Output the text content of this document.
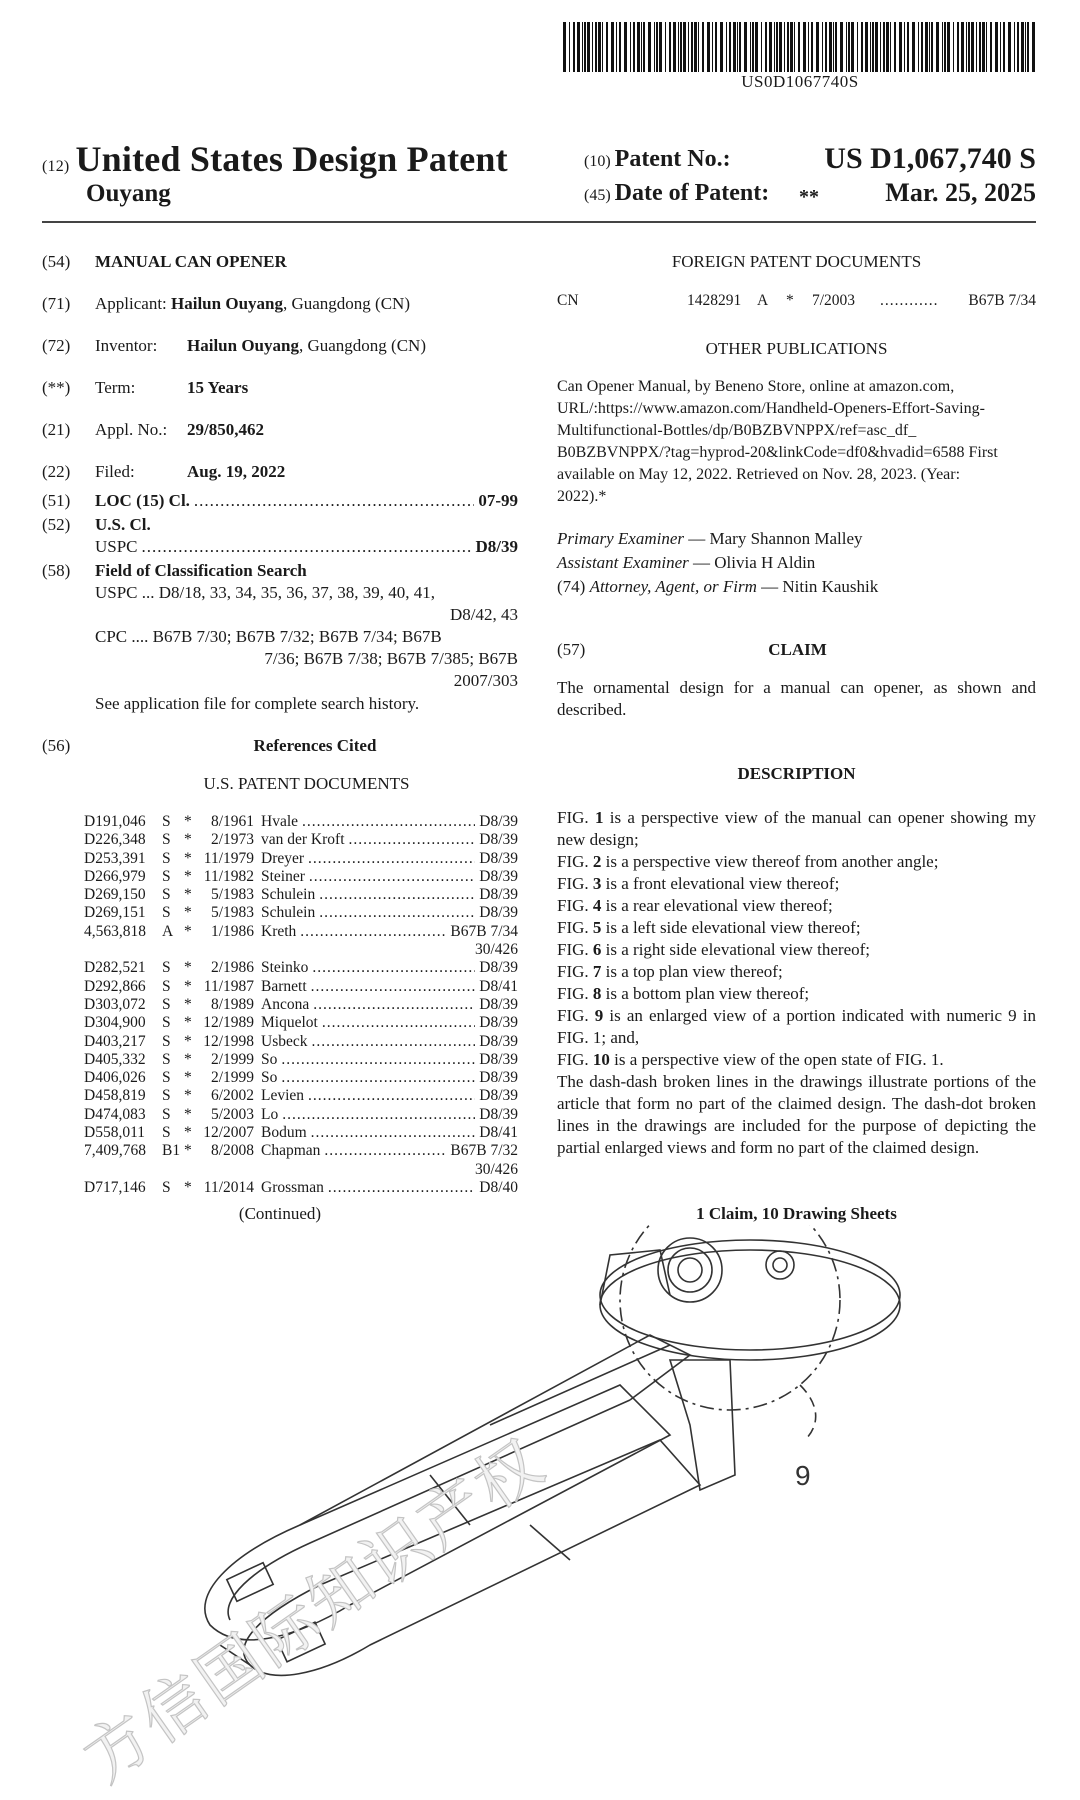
US0D1067740S
(12) United States Design Patent
Ouyang
(10) Patent No.:	US D1,067,740 S
(45) Date of Patent: **	Mar. 25, 2025
(54) MANUAL CAN OPENER
(71) Applicant: Hailun Ouyang, Guangdong (CN)
(72) Inventor: Hailun Ouyang, Guangdong (CN)
(**) Term:	15 Years
(21) Appl. No.: 29/850,462
(22) Filed:	Aug. 19, 2022
(51) LOC (15) Cl. .....	07-99
(52) U.S. Cl.
USPC .....	D8/39
(58) Field of Classification Search
USPC ... D8/18, 33, 34, 35, 36, 37, 38, 39, 40, 41,
D8/42, 43
CPC .... B67B 7/30; B67B 7/32; B67B 7/34; B67B
7/36; B67B 7/38; B67B 7/385; B67B
2007/303
See application file for complete search history.
(56)	References Cited
U.S. PATENT DOCUMENTS
D191,046	S *	8/1961 Hvale .....	D8/39
D226,348	S *	2/1973 van der Kroft .....	D8/39
D253,391	S * 11/1979 Dreyer .....	D8/39
D266,979	S * 11/1982 Steiner .....	D8/39
D269,150	S *	5/1983 Schulein .....	D8/39
D269,151	S *	5/1983 Schulein .....	D8/39
4,563,818	A *	1/1986 Kreth .....	B67B 7/34
30/426
D282,521	S *	2/1986 Steinko .....	D8/39
D292,866	S * 11/1987 Barnett .....	D8/41
D303,072	S *	8/1989 Ancona .....	D8/39
D304,900	S * 12/1989 Miquelot .....	D8/39
D403,217	S * 12/1998 Usbeck .....	D8/39
D405,332	S *	2/1999 So .....	D8/39
D406,026	S *	2/1999 So .....	D8/39
D458,819	S *	6/2002 Levien .....	D8/39
D474,083	S *	5/2003 Lo .....	D8/39
D558,011	S * 12/2007 Bodum .....	D8/41
7,409,768	B1 *	8/2008 Chapman .....	B67B 7/32
30/426
D717,146	S * 11/2014 Grossman .....	D8/40
(Continued)
FOREIGN PATENT DOCUMENTS
CN	1428291 A * 7/2003 ............ B67B 7/34
OTHER PUBLICATIONS
Can Opener Manual, by Beneno Store, online at amazon.com,
URL/:https://www.amazon.com/Handheld-Openers-Effort-Saving-
Multifunctional-Bottles/dp/B0BZBVNPPX/ref=asc_df_
B0BZBVNPPX/?tag=hyprod-20&linkCode=df0&hvadid=6588 First
available on May 12, 2022. Retrieved on Nov. 28, 2023. (Year:
2022).*
Primary Examiner — Mary Shannon Malley
Assistant Examiner — Olivia H Aldin
(74) Attorney, Agent, or Firm — Nitin Kaushik
(57)	CLAIM
The ornamental design for a manual can opener, as shown and described.
DESCRIPTION
FIG. 1 is a perspective view of the manual can opener showing my new design;
FIG. 2 is a perspective view thereof from another angle;
FIG. 3 is a front elevational view thereof;
FIG. 4 is a rear elevational view thereof;
FIG. 5 is a left side elevational view thereof;
FIG. 6 is a right side elevational view thereof;
FIG. 7 is a top plan view thereof;
FIG. 8 is a bottom plan view thereof;
FIG. 9 is an enlarged view of a portion indicated with numeric 9 in FIG. 1; and,
FIG. 10 is a perspective view of the open state of FIG. 1.
The dash-dash broken lines in the drawings illustrate portions of the article that form no part of the claimed design. The dash-dot broken lines in the drawings are included for the purpose of depicting the partial enlarged views and form no part of the claimed design.
1 Claim, 10 Drawing Sheets
9
方信国际知识产权
